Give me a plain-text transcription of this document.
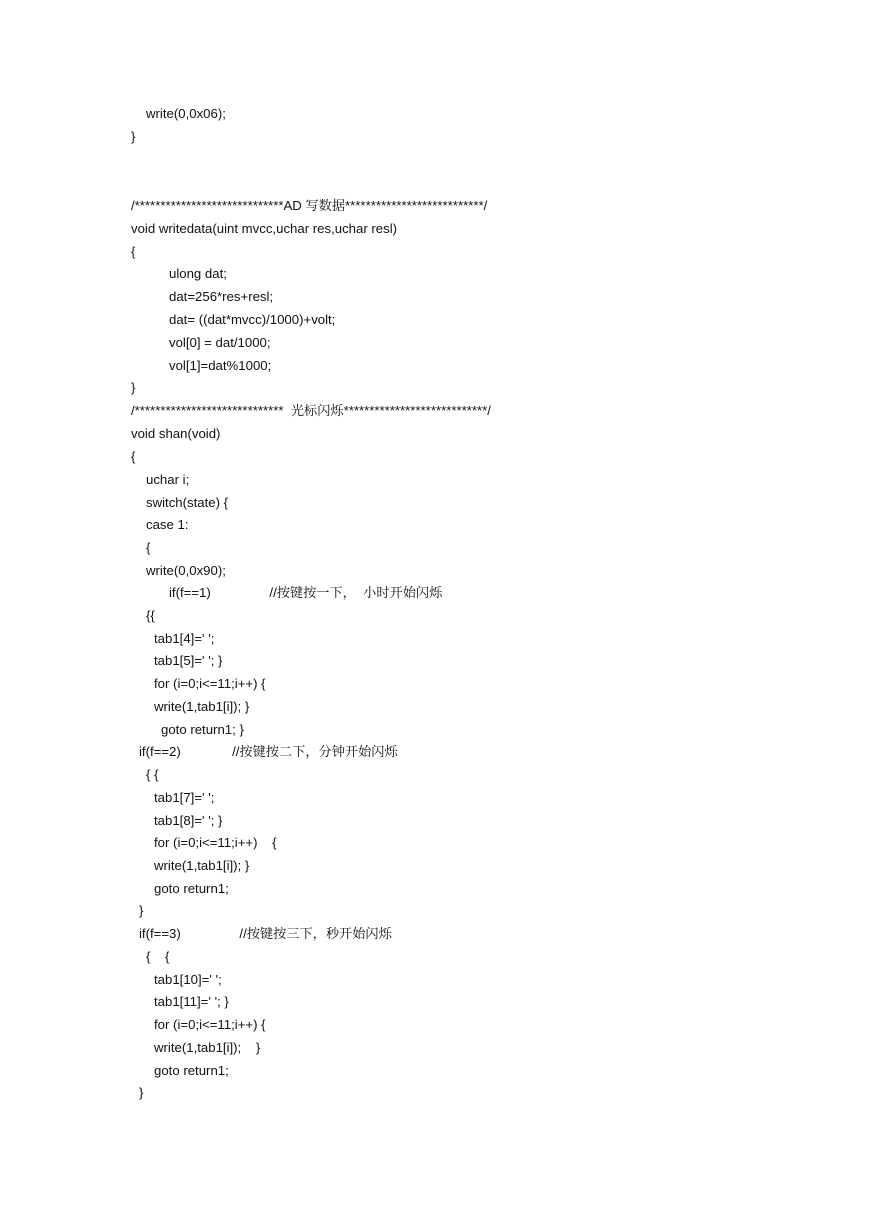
write(0,0x06);
}
/*****************************AD 写数据***************************/
void writedata(uint mvcc,uchar res,uchar resl)
{
ulong dat;
dat=256*res+resl;
dat= ((dat*mvcc)/1000)+volt;
vol[0] = dat/1000;
vol[1]=dat%1000;
}
/*****************************  光标闪烁****************************/
void shan(void)
{
uchar i;
switch(state) {
case 1:
{
write(0,0x90);
if(f==1)                //按键按一下，  小时开始闪烁
{{
tab1[4]=' ';
tab1[5]=' '; }
for (i=0;i<=11;i++) {
write(1,tab1[i]); }
goto return1; }
if(f==2)              //按键按二下，分钟开始闪烁
{ {
tab1[7]=' ';
tab1[8]=' '; }
for (i=0;i<=11;i++)    {
write(1,tab1[i]); }
goto return1;
}
if(f==3)                //按键按三下，秒开始闪烁
{    {
tab1[10]=' ';
tab1[11]=' '; }
for (i=0;i<=11;i++) {
write(1,tab1[i]);    }
goto return1;
}
